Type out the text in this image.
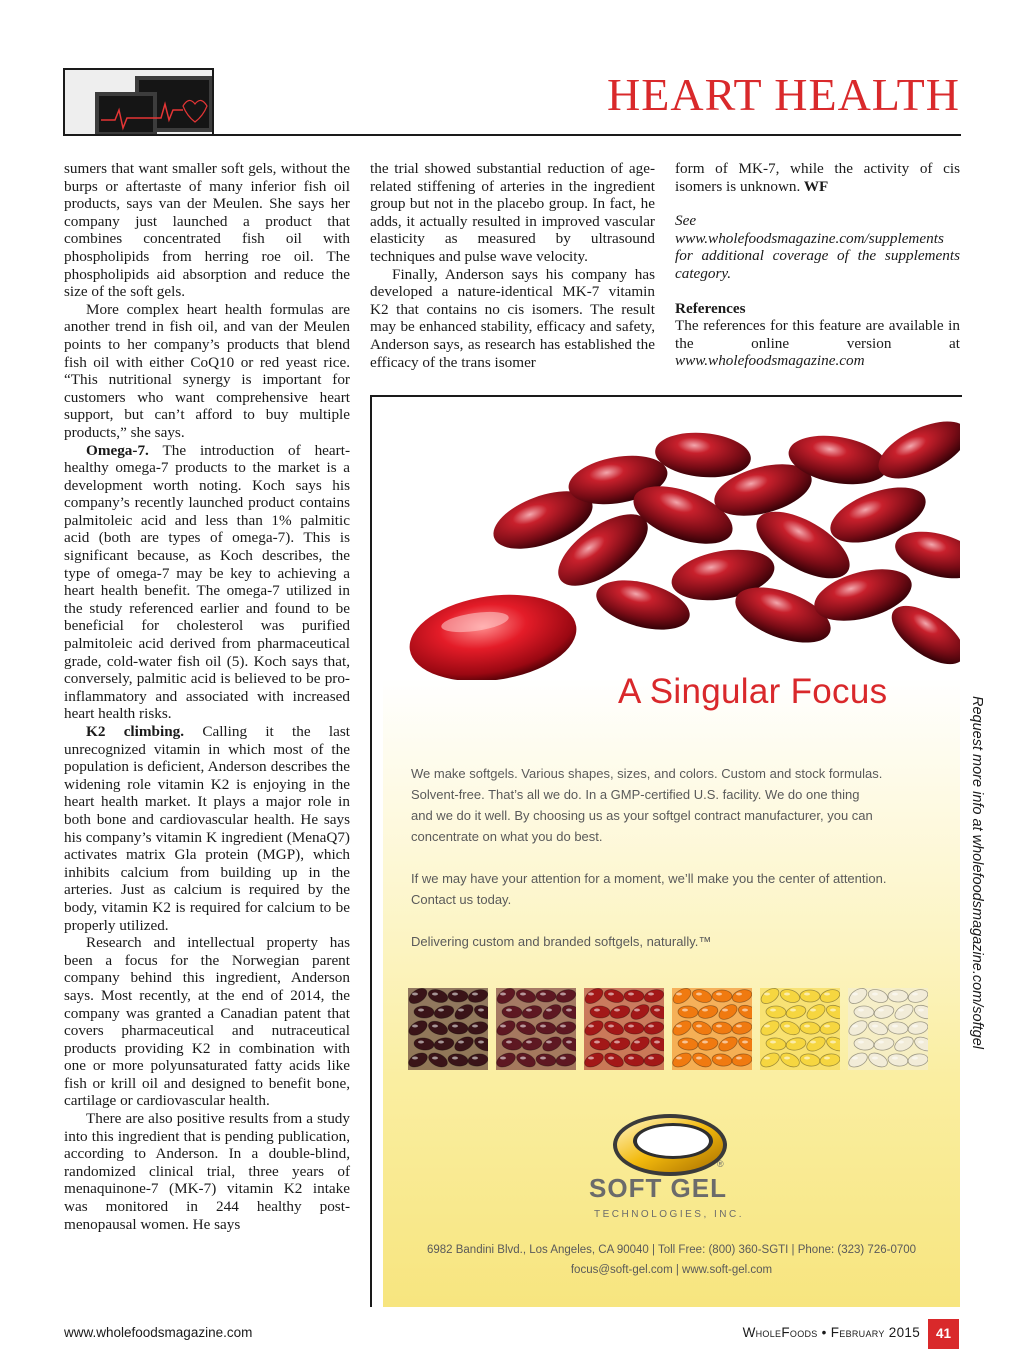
HEART HEALTH

sumers that want smaller soft gels, without the burps or aftertaste of many inferior fish oil products, says van der Meulen. She says her company just launched a product that combines concentrated fish oil with phospholipids from herring roe oil. The phospholipids aid absorption and reduce the size of the soft gels.

More complex heart health formulas are another trend in fish oil, and van der Meulen points to her company’s products that blend fish oil with either CoQ10 or red yeast rice. “This nutritional synergy is important for customers who want comprehensive heart support, but can’t afford to buy multiple products,” she says.

Omega-7. The introduction of heart-healthy omega-7 products to the market is a development worth noting. Koch says his company’s recently launched product contains palmitoleic acid and less than 1% palmitic acid (both are types of omega-7). This is significant because, as Koch describes, the type of omega-7 may be key to achieving a heart health benefit. The omega-7 utilized in the study referenced earlier and found to be beneficial for cholesterol was purified palmitoleic acid derived from pharmaceutical grade, cold-water fish oil (5). Koch says that, conversely, palmitic acid is believed to be pro-inflammatory and associated with increased heart health risks.

K2 climbing. Calling it the last unrecognized vitamin in which most of the population is deficient, Anderson describes the widening role vitamin K2 is enjoying in the heart health market. It plays a major role in both bone and cardiovascular health. He says his company’s vitamin K ingredient (MenaQ7) activates matrix Gla protein (MGP), which inhibits calcium from building up in the arteries. Just as calcium is required by the body, vitamin K2 is required for calcium to be properly utilized.

Research and intellectual property has been a focus for the Norwegian parent company behind this ingredient, Anderson says. Most recently, at the end of 2014, the company was granted a Canadian patent that covers pharmaceutical and nutraceutical products providing K2 in combination with one or more polyunsaturated fatty acids like fish or krill oil and designed to benefit bone, cartilage or cardiovascular health.

There are also positive results from a study into this ingredient that is pending publication, according to Anderson. In a double-blind, randomized clinical trial, three years of menaquinone-7 (MK-7) vitamin K2 intake was monitored in 244 healthy post-menopausal women. He says

the trial showed substantial reduction of age-related stiffening of arteries in the ingredient group but not in the placebo group. In fact, he adds, it actually resulted in improved vascular elasticity as measured by ultrasound techniques and pulse wave velocity.

Finally, Anderson says his company has developed a nature-identical MK-7 vitamin K2 that contains no cis isomers. The result may be enhanced stability, efficacy and safety, Anderson says, as research has established the efficacy of the trans isomer

form of MK-7, while the activity of cis isomers is unknown. WF

See www.wholefoodsmagazine.com/supplements for additional coverage of the supplements category.

References

The references for this feature are available in the online version at www.wholefoodsmagazine.com

A Singular Focus
We make softgels. Various shapes, sizes, and colors. Custom and stock formulas.
Solvent-free. That’s all we do. In a GMP-certified U.S. facility. We do one thing
and we do it well. By choosing us as your softgel contract manufacturer, you can
concentrate on what you do best.
If we may have your attention for a moment, we’ll make you the center of attention.
Contact us today.
Delivering custom and branded softgels, naturally.™
®
SOFT GEL
TECHNOLOGIES, INC.
6982 Bandini Blvd., Los Angeles, CA 90040 | Toll Free: (800) 360-SGTI | Phone: (323) 726-0700
focus@soft-gel.com | www.soft-gel.com
Request more info at wholefoodsmagazine.com/softgel
www.wholefoodsmagazine.com	WholeFoods • February 2015	41
